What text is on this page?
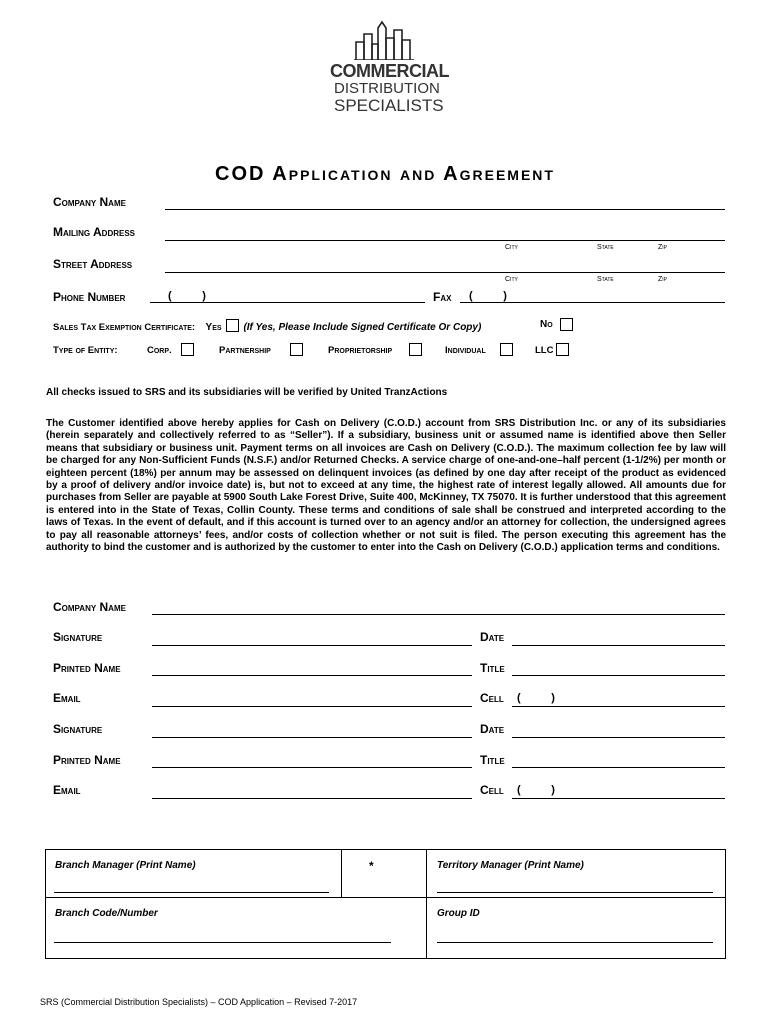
COMMERCIAL
DISTRIBUTION
SPECIALISTS
COD Application and Agreement
Company Name
Mailing Address
City	State	Zip
Street Address
City	State	Zip
Phone Number	(          )	Fax (          )
Sales Tax Exemption Certificate: Yes (If Yes, Please Include Signed Certificate Or Copy)	No
Type of Entity:	Corp.	Partnership	Proprietorship	Individual	LLC
All checks issued to SRS and its subsidiaries will be verified by United TranzActions
The Customer identified above hereby applies for Cash on Delivery (C.O.D.) account from SRS Distribution Inc. or any of its subsidiaries (herein separately and collectively referred to as “Seller”). If a subsidiary, business unit or assumed name is identified above then Seller means that subsidiary or business unit. Payment terms on all invoices are Cash on Delivery (C.O.D.). The maximum collection fee by law will be charged for any Non-Sufficient Funds (N.S.F.) and/or Returned Checks. A service charge of one-and-one–half percent (1-1/2%) per month or eighteen percent (18%) per annum may be assessed on delinquent invoices (as defined by one day after receipt of the product as evidenced by a proof of delivery and/or invoice date) is, but not to exceed at any time, the highest rate of interest legally allowed. All amounts due for purchases from Seller are payable at 5900 South Lake Forest Drive, Suite 400, McKinney, TX 75070. It is further understood that this agreement is entered into in the State of Texas, Collin County. These terms and conditions of sale shall be construed and interpreted according to the laws of Texas. In the event of default, and if this account is turned over to an agency and/or an attorney for collection, the undersigned agrees to pay all reasonable attorneys’ fees, and/or costs of collection whether or not suit is filed. The person executing this agreement has the authority to bind the customer and is authorized by the customer to enter into the Cash on Delivery (C.O.D.) application terms and conditions.
Company Name
Signature	Date
Printed Name	Title
Email	Cell (          )
Signature	Date
Printed Name	Title
Email	Cell (          )
Branch Manager (Print Name)	*	Territory Manager (Print Name)
Branch Code/Number	Group ID
SRS (Commercial Distribution Specialists) – COD Application – Revised 7-2017
